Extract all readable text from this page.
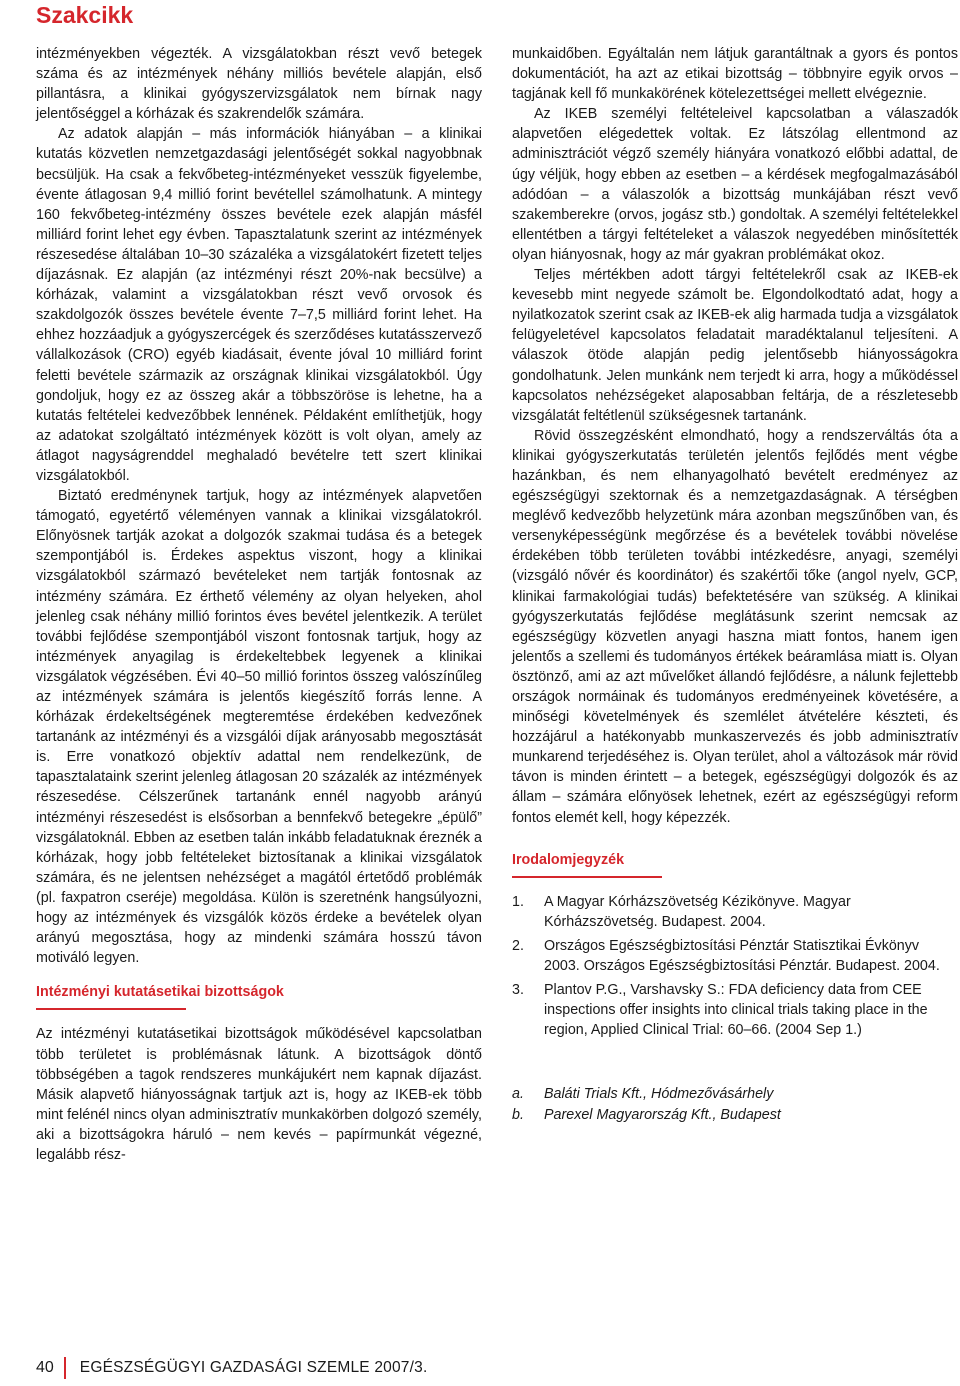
Szakcikk

intézményekben végezték. A vizsgálatokban részt vevő betegek száma és az intézmények néhány milliós bevétele alapján, első pillantásra, a klinikai gyógyszervizsgálatok nem bírnak nagy jelentőséggel a kórházak és szakrendelők számára.

Az adatok alapján – más információk hiányában – a klinikai kutatás közvetlen nemzetgazdasági jelentőségét sokkal nagyobbnak becsüljük. Ha csak a fekvőbeteg-intézményeket vesszük figyelembe, évente átlagosan 9,4 millió forint bevétellel számolhatunk. A mintegy 160 fekvőbeteg-intézmény összes bevétele ezek alapján másfél milliárd forint lehet egy évben. Tapasztalatunk szerint az intézmények részesedése általában 10–30 százaléka a vizsgálatokért fizetett teljes díjazásnak. Ez alapján (az intézményi részt 20%-nak becsülve) a kórházak, valamint a vizsgálatokban részt vevő orvosok és szakdolgozók összes bevétele évente 7–7,5 milliárd forint lehet. Ha ehhez hozzáadjuk a gyógyszercégek és szerződéses kutatásszervező vállalkozások (CRO) egyéb kiadásait, évente jóval 10 milliárd forint feletti bevétele származik az országnak klinikai vizsgálatokból. Úgy gondoljuk, hogy ez az összeg akár a többszöröse is lehetne, ha a kutatás feltételei kedvezőbbek lennének. Példaként említhetjük, hogy az adatokat szolgáltató intézmények között is volt olyan, amely az átlagot nagyságrenddel meghaladó bevételre tett szert klinikai vizsgálatokból.

Biztató eredménynek tartjuk, hogy az intézmények alapvetően támogató, egyetértő véleményen vannak a klinikai vizsgálatokról. Előnyösnek tartják azokat a dolgozók szakmai tudása és a betegek szempontjából is. Érdekes aspektus viszont, hogy a klinikai vizsgálatokból származó bevételeket nem tartják fontosnak az intézmény számára. Ez érthető vélemény az olyan helyeken, ahol jelenleg csak néhány millió forintos éves bevétel jelentkezik. A terület további fejlődése szempontjából viszont fontosnak tartjuk, hogy az intézmények anyagilag is érdekeltebbek legyenek a klinikai vizsgálatok végzésében. Évi 40–50 millió forintos összeg valószínűleg az intézmények számára is jelentős kiegészítő forrás lenne. A kórházak érdekeltségének megteremtése érdekében kedvezőnek tartanánk az intézményi és a vizsgálói díjak arányosabb megosztását is. Erre vonatkozó objektív adattal nem rendelkezünk, de tapasztalataink szerint jelenleg átlagosan 20 százalék az intézmények részesedése. Célszerűnek tartanánk ennél nagyobb arányú intézményi részesedést is elsősorban a bennfekvő betegekre „épülő” vizsgálatoknál. Ebben az esetben talán inkább feladatuknak éreznék a kórházak, hogy jobb feltételeket biztosítanak a klinikai vizsgálatok számára, és ne jelentsen nehézséget a magától értetődő problémák (pl. faxpatron cseréje) megoldása. Külön is szeretnénk hangsúlyozni, hogy az intézmények és vizsgálók közös érdeke a bevételek olyan arányú megosztása, hogy az mindenki számára hosszú távon motiváló legyen.

Intézményi kutatásetikai bizottságok

Az intézményi kutatásetikai bizottságok működésével kapcsolatban több területet is problémásnak látunk. A bizottságok döntő többségében a tagok rendszeres munkájukért nem kapnak díjazást. Másik alapvető hiányosságnak tartjuk azt is, hogy az IKEB-ek több mint felénél nincs olyan adminisztratív munkakörben dolgozó személy, aki a bizottságokra háruló – nem kevés – papírmunkát végezné, legalább rész-

munkaidőben. Egyáltalán nem látjuk garantáltnak a gyors és pontos dokumentációt, ha azt az etikai bizottság – többnyire egyik orvos – tagjának kell fő munkakörének kötelezettségei mellett elvégeznie.

Az IKEB személyi feltételeivel kapcsolatban a válaszadók alapvetően elégedettek voltak. Ez látszólag ellentmond az adminisztrációt végző személy hiányára vonatkozó előbbi adattal, de úgy véljük, hogy ebben az esetben – a kérdések megfogalmazásából adódóan – a válaszolók a bizottság munkájában részt vevő szakemberekre (orvos, jogász stb.) gondoltak. A személyi feltételekkel ellentétben a tárgyi feltételeket a válaszok negyedében minősítették olyan hiányosnak, hogy az már gyakran problémákat okoz.

Teljes mértékben adott tárgyi feltételekről csak az IKEB-ek kevesebb mint negyede számolt be. Elgondolkodtató adat, hogy a nyilatkozatok szerint csak az IKEB-ek alig harmada tudja a vizsgálatok felügyeletével kapcsolatos feladatait maradéktalanul teljesíteni. A válaszok ötöde alapján pedig jelentősebb hiányosságokra gondolhatunk. Jelen munkánk nem terjedt ki arra, hogy a működéssel kapcsolatos nehézségeket alaposabban feltárja, de a részletesebb vizsgálatát feltétlenül szükségesnek tartanánk.

Rövid összegzésként elmondható, hogy a rendszerváltás óta a klinikai gyógyszerkutatás területén jelentős fejlődés ment végbe hazánkban, és nem elhanyagolható bevételt eredményez az egészségügyi szektornak és a nemzetgazdaságnak. A térségben meglévő kedvezőbb helyzetünk mára azonban megszűnőben van, és versenyképességünk megőrzése és a bevételek további növelése érdekében több területen további intézkedésre, anyagi, személyi (vizsgáló nővér és koordinátor) és szakértői tőke (angol nyelv, GCP, klinikai farmakológiai tudás) befektetésére van szükség. A klinikai gyógyszerkutatás fejlődése meglátásunk szerint nemcsak az egészségügy közvetlen anyagi haszna miatt fontos, hanem igen jelentős a szellemi és tudományos értékek beáramlása miatt is. Olyan ösztönző, ami az azt művelőket állandó fejlődésre, a nálunk fejlettebb országok normáinak és tudományos eredményeinek követésére, a minőségi követelmények és szemlélet átvételére készteti, és hozzájárul a hatékonyabb munkaszervezés és jobb adminisztratív munkarend terjedéséhez is. Olyan terület, ahol a változások már rövid távon is minden érintett – a betegek, egészségügyi dolgozók és az állam – számára előnyösek lehetnek, ezért az egészségügyi reform fontos elemét kell, hogy képezzék.

Irodalomjegyzék
1. A Magyar Kórházszövetség Kézikönyve. Magyar Kórházszövetség. Budapest. 2004.
2. Országos Egészségbiztosítási Pénztár Statisztikai Évkönyv 2003. Országos Egészségbiztosítási Pénztár. Budapest. 2004.
3. Plantov P.G., Varshavsky S.: FDA deficiency data from CEE inspections offer insights into clinical trials taking place in the region, Applied Clinical Trial: 60–66. (2004 Sep 1.)
a. Baláti Trials Kft., Hódmezővásárhely
b. Parexel Magyarország Kft., Budapest
40 EGÉSZSÉGÜGYI GAZDASÁGI SZEMLE 2007/3.
